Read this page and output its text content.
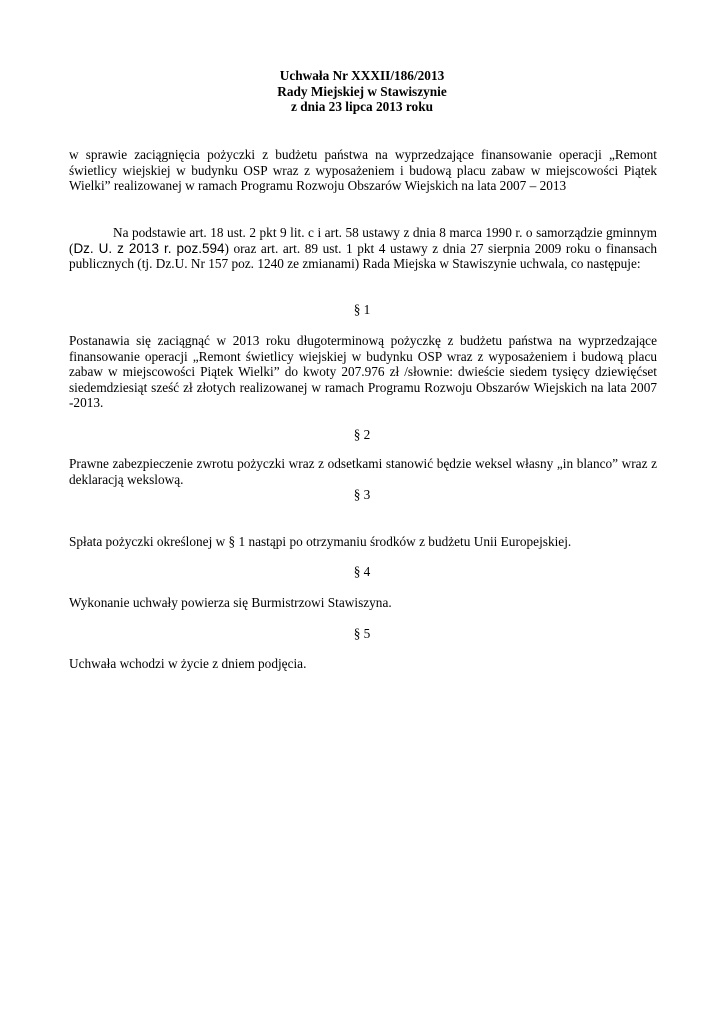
Uchwała Nr XXXII/186/2013
Rady Miejskiej w Stawiszynie
z dnia 23 lipca 2013 roku
w sprawie zaciągnięcia pożyczki z budżetu państwa na wyprzedzające finansowanie operacji „Remont świetlicy wiejskiej w budynku OSP wraz z wyposażeniem i budową placu zabaw w miejscowości Piątek Wielki” realizowanej w ramach Programu Rozwoju Obszarów Wiejskich na lata 2007 – 2013
Na podstawie art. 18 ust. 2 pkt 9 lit. c i art. 58 ustawy z dnia 8 marca 1990 r. o samorządzie gminnym (Dz. U. z 2013 r. poz.594) oraz art. art. 89 ust. 1 pkt 4 ustawy z dnia 27 sierpnia 2009 roku o finansach publicznych (tj. Dz.U. Nr 157 poz. 1240 ze zmianami) Rada Miejska w Stawiszynie uchwala, co następuje:
§ 1
Postanawia się zaciągnąć w 2013 roku długoterminową pożyczkę z budżetu państwa na wyprzedzające finansowanie operacji „Remont świetlicy wiejskiej w budynku OSP wraz z wyposażeniem i budową placu zabaw w miejscowości Piątek Wielki” do kwoty 207.976 zł /słownie: dwieście siedem tysięcy dziewięćset siedemdziesiąt sześć zł złotych realizowanej w ramach Programu Rozwoju Obszarów Wiejskich na lata 2007 -2013.
§ 2
Prawne zabezpieczenie zwrotu pożyczki wraz z odsetkami stanowić będzie weksel własny „in blanco” wraz z deklaracją wekslową.
§ 3
Spłata pożyczki określonej w § 1 nastąpi po otrzymaniu środków z budżetu Unii Europejskiej.
§ 4
Wykonanie uchwały powierza się Burmistrzowi Stawiszyna.
§ 5
Uchwała wchodzi w życie z dniem podjęcia.
